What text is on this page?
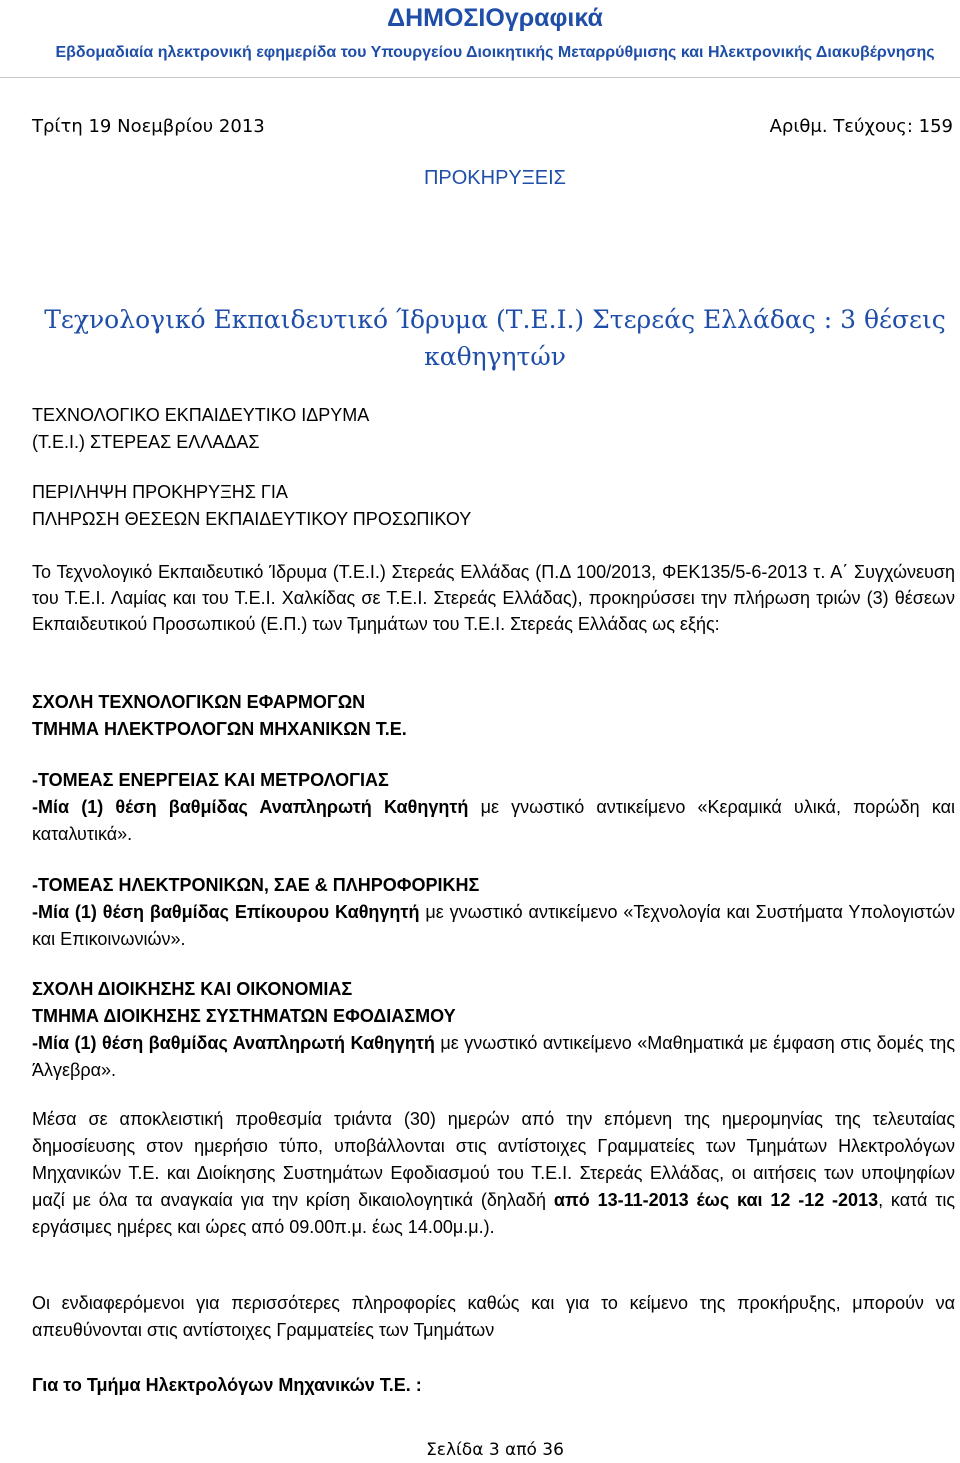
ΔΗΜΟΣΙΟγραφικά
Εβδομαδιαία ηλεκτρονική εφημερίδα του Υπουργείου Διοικητικής Μεταρρύθμισης και Ηλεκτρονικής Διακυβέρνησης
Τρίτη 19 Νοεμβρίου 2013	Αριθμ. Τεύχους: 159
ΠΡΟΚΗΡΥΞΕΙΣ
Τεχνολογικό Εκπαιδευτικό Ίδρυμα (Τ.Ε.Ι.) Στερεάς Ελλάδας : 3 θέσεις
καθηγητών
ΤΕΧΝΟΛΟΓΙΚΟ ΕΚΠΑΙΔΕΥΤΙΚΟ ΙΔΡΥΜΑ
(Τ.Ε.Ι.) ΣΤΕΡΕΑΣ ΕΛΛΑΔΑΣ
ΠΕΡΙΛΗΨΗ ΠΡΟΚΗΡΥΞΗΣ ΓΙΑ
ΠΛΗΡΩΣΗ ΘΕΣΕΩΝ ΕΚΠΑΙΔΕΥΤΙΚΟΥ ΠΡΟΣΩΠΙΚΟΥ

Το Τεχνολογικό Εκπαιδευτικό Ίδρυμα (Τ.Ε.Ι.) Στερεάς Ελλάδας (Π.Δ 100/2013, ΦΕΚ135/5-6-2013 τ. Α΄ Συγχώνευση του Τ.Ε.Ι. Λαμίας και του Τ.Ε.Ι. Χαλκίδας σε Τ.Ε.Ι. Στερεάς Ελλάδας), προκηρύσσει την πλήρωση τριών (3) θέσεων Εκπαιδευτικού Προσωπικού (Ε.Π.) των Τμημάτων του Τ.Ε.Ι. Στερεάς Ελλάδας ως εξής:

ΣΧΟΛΗ ΤΕΧΝΟΛΟΓΙΚΩΝ ΕΦΑΡΜΟΓΩΝ
ΤΜΗΜΑ ΗΛΕΚΤΡΟΛΟΓΩΝ ΜΗΧΑΝΙΚΩΝ Τ.Ε.
-ΤΟΜΕΑΣ ΕΝΕΡΓΕΙΑΣ ΚΑΙ ΜΕΤΡΟΛΟΓΙΑΣ

-Μία (1) θέση βαθμίδας Αναπληρωτή Καθηγητή με γνωστικό αντικείμενο «Κεραμικά υλικά, πορώδη και καταλυτικά».

-ΤΟΜΕΑΣ ΗΛΕΚΤΡΟΝΙΚΩΝ, ΣΑΕ & ΠΛΗΡΟΦΟΡΙΚΗΣ

-Μία (1) θέση βαθμίδας Επίκουρου Καθηγητή με γνωστικό αντικείμενο «Τεχνολογία και Συστήματα Υπολογιστών και Επικοινωνιών».

ΣΧΟΛΗ ΔΙΟΙΚΗΣΗΣ ΚΑΙ ΟΙΚΟΝΟΜΙΑΣ
ΤΜΗΜΑ ΔΙΟΙΚΗΣΗΣ ΣΥΣΤΗΜΑΤΩΝ ΕΦΟΔΙΑΣΜΟΥ

-Μία (1) θέση βαθμίδας Αναπληρωτή Καθηγητή με γνωστικό αντικείμενο «Μαθηματικά με έμφαση στις δομές της Άλγεβρα».

Μέσα σε αποκλειστική προθεσμία τριάντα (30) ημερών από την επόμενη της ημερομηνίας της τελευταίας δημοσίευσης στον ημερήσιο τύπο, υποβάλλονται στις αντίστοιχες Γραμματείες των Τμημάτων Ηλεκτρολόγων Μηχανικών Τ.Ε. και Διοίκησης Συστημάτων Εφοδιασμού του Τ.Ε.Ι. Στερεάς Ελλάδας, οι αιτήσεις των υποψηφίων μαζί με όλα τα αναγκαία για την κρίση δικαιολογητικά (δηλαδή από 13-11-2013 έως και 12 -12 -2013, κατά τις εργάσιμες ημέρες και ώρες από 09.00π.μ. έως 14.00μ.μ.).

Οι ενδιαφερόμενοι για περισσότερες πληροφορίες καθώς και για το κείμενο της προκήρυξης, μπορούν να απευθύνονται στις αντίστοιχες Γραμματείες των Τμημάτων

Για το Τμήμα Ηλεκτρολόγων Μηχανικών Τ.Ε. :

Σελίδα 3 από 36
